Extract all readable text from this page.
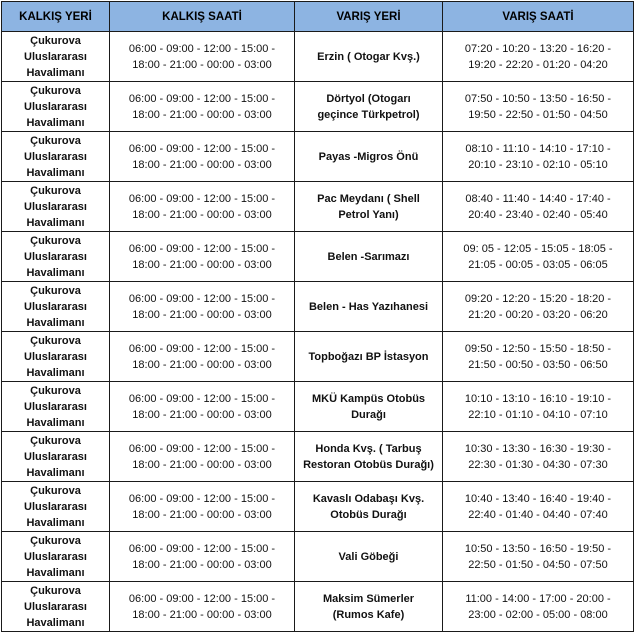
KALKIŞ YERİ	KALKIŞ SAATİ	VARIŞ YERİ	VARIŞ SAATİ
Çukurova Uluslararası Havalimanı	06:00 - 09:00 - 12:00 - 15:00 -
18:00 - 21:00 - 00:00 - 03:00	Erzin ( Otogar Kvş.)	07:20 - 10:20 - 13:20 - 16:20 -
19:20 - 22:20 - 01:20 - 04:20

Çukurova Uluslararası Havalimanı	06:00 - 09:00 - 12:00 - 15:00 -
18:00 - 21:00 - 00:00 - 03:00	Dörtyol (Otogarı
geçince Türkpetrol)	07:50 - 10:50 - 13:50 - 16:50 -
19:50 - 22:50 - 01:50 - 04:50

Çukurova Uluslararası Havalimanı	06:00 - 09:00 - 12:00 - 15:00 -
18:00 - 21:00 - 00:00 - 03:00	Payas -Migros Önü	08:10 - 11:10 - 14:10 - 17:10 -
20:10 - 23:10 - 02:10 - 05:10

Çukurova Uluslararası Havalimanı	06:00 - 09:00 - 12:00 - 15:00 -
18:00 - 21:00 - 00:00 - 03:00	Pac Meydanı ( Shell
Petrol Yanı)	08:40 - 11:40 - 14:40 - 17:40 -
20:40 - 23:40 - 02:40 - 05:40

Çukurova Uluslararası Havalimanı	06:00 - 09:00 - 12:00 - 15:00 -
18:00 - 21:00 - 00:00 - 03:00	Belen -Sarımazı	09: 05 - 12:05 - 15:05 - 18:05 -
21:05 - 00:05 - 03:05 - 06:05

Çukurova Uluslararası Havalimanı	06:00 - 09:00 - 12:00 - 15:00 -
18:00 - 21:00 - 00:00 - 03:00	Belen - Has Yazıhanesi	09:20 - 12:20 - 15:20 - 18:20 -
21:20 - 00:20 - 03:20 - 06:20

Çukurova Uluslararası Havalimanı	06:00 - 09:00 - 12:00 - 15:00 -
18:00 - 21:00 - 00:00 - 03:00	Topboğazı BP İstasyon	09:50 - 12:50 - 15:50 - 18:50 -
21:50 - 00:50 - 03:50 - 06:50

Çukurova Uluslararası Havalimanı	06:00 - 09:00 - 12:00 - 15:00 -
18:00 - 21:00 - 00:00 - 03:00	MKÜ Kampüs Otobüs
Durağı	10:10 - 13:10 - 16:10 - 19:10 -
22:10 - 01:10 - 04:10 - 07:10

Çukurova Uluslararası Havalimanı	06:00 - 09:00 - 12:00 - 15:00 -
18:00 - 21:00 - 00:00 - 03:00	Honda Kvş. ( Tarbuş
Restoran Otobüs Durağı)	10:30 - 13:30 - 16:30 - 19:30 -
22:30 - 01:30 - 04:30 - 07:30

Çukurova Uluslararası Havalimanı	06:00 - 09:00 - 12:00 - 15:00 -
18:00 - 21:00 - 00:00 - 03:00	Kavaslı Odabaşı Kvş.
Otobüs Durağı	10:40 - 13:40 - 16:40 - 19:40 -
22:40 - 01:40 - 04:40 - 07:40

Çukurova Uluslararası Havalimanı	06:00 - 09:00 - 12:00 - 15:00 -
18:00 - 21:00 - 00:00 - 03:00	Vali Göbeği	10:50 - 13:50 - 16:50 - 19:50 -
22:50 - 01:50 - 04:50 - 07:50

Çukurova Uluslararası Havalimanı	06:00 - 09:00 - 12:00 - 15:00 -
18:00 - 21:00 - 00:00 - 03:00	Maksim Sümerler
(Rumos Kafe)	11:00 - 14:00 - 17:00 - 20:00 -
23:00 - 02:00 - 05:00 - 08:00
